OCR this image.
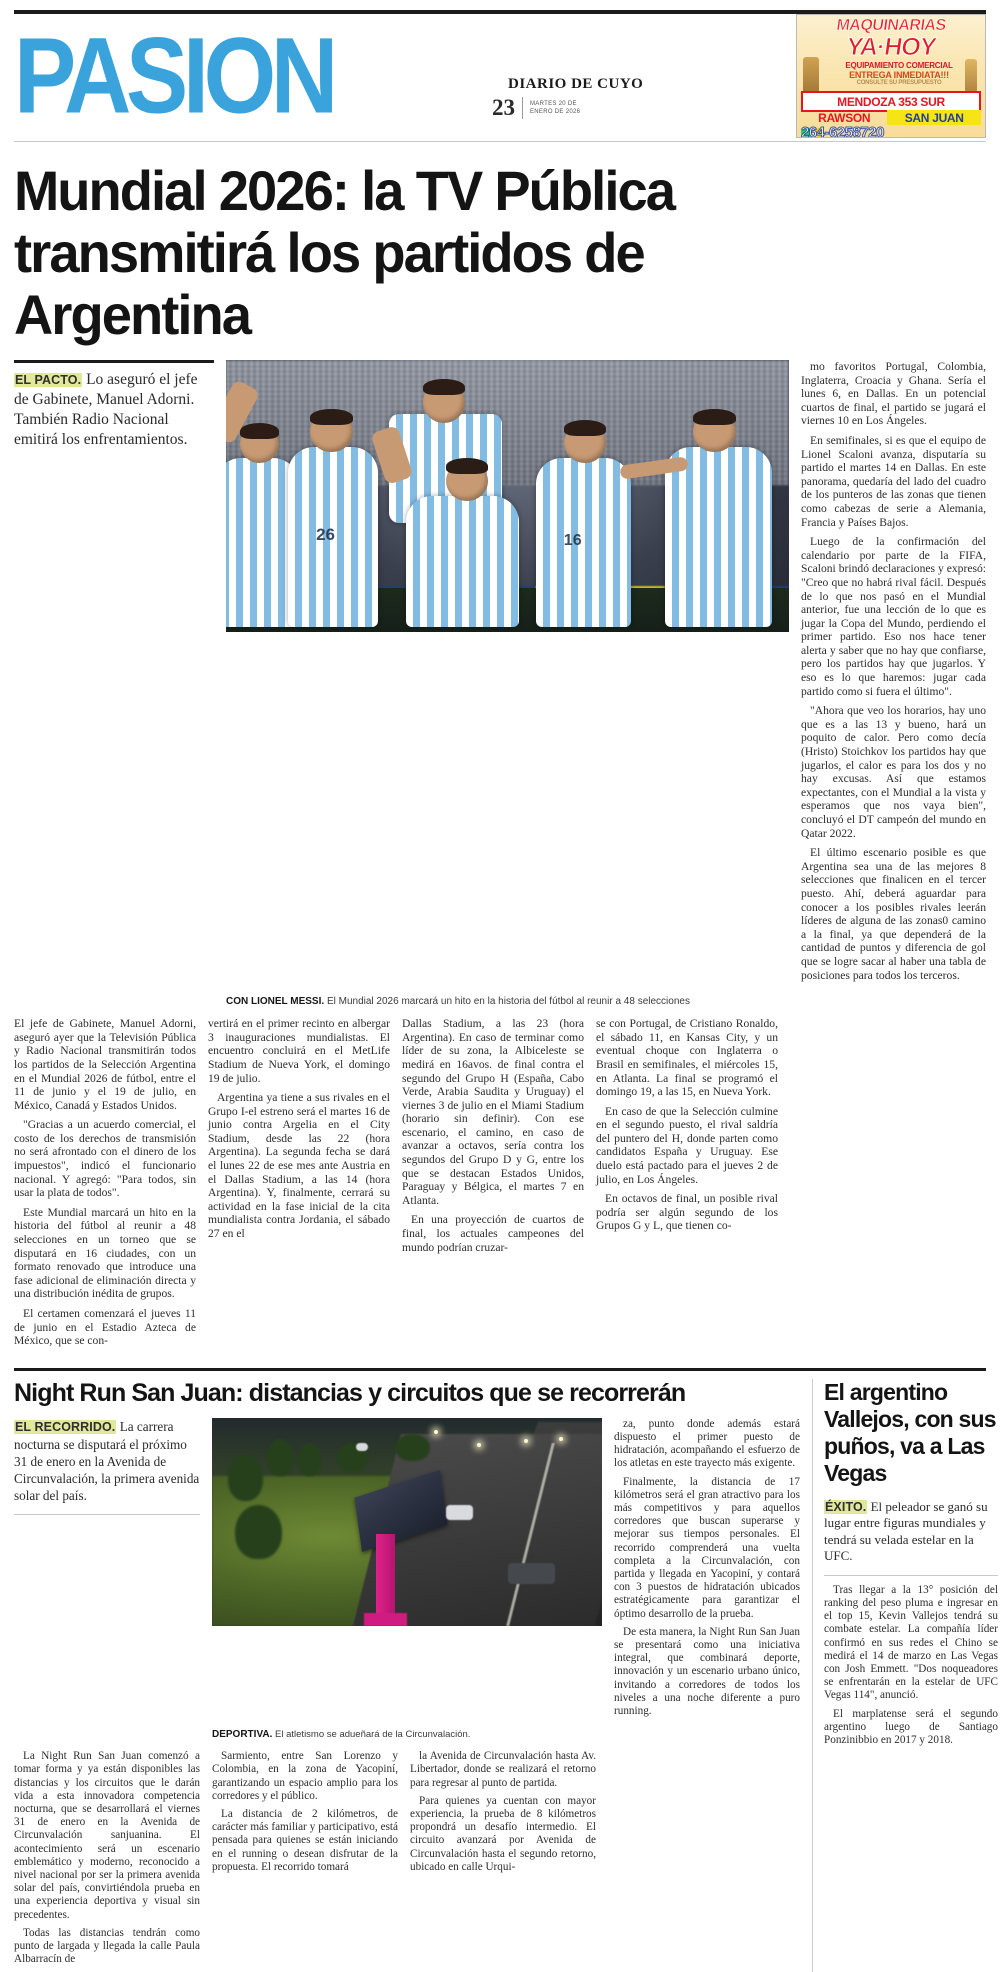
PASION	DIARIO DE CUYO
23	MARTES 20 DE ENERO DE 2026
MAQUINARIAS
YA·HOY
EQUIPAMIENTO COMERCIAL
ENTREGA INMEDIATA!!!
CONSULTE SU PRESUPUESTO
MENDOZA 353 SUR
RAWSON	SAN JUAN
264-6258720
Mundial 2026: la TV Pública transmitirá los partidos de Argentina
EL PACTO. Lo aseguró el jefe de Gabinete, Manuel Adorni. También Radio Nacional emitirá los enfrentamientos.
26	16

mo favoritos Portugal, Colombia, Inglaterra, Croacia y Ghana. Sería el lunes 6, en Dallas. En un potencial cuartos de final, el partido se jugará el viernes 10 en Los Ángeles.

En semifinales, si es que el equipo de Lionel Scaloni avanza, disputaría su partido el martes 14 en Dallas. En este panorama, quedaría del lado del cuadro de los punteros de las zonas que tienen como cabezas de serie a Alemania, Francia y Países Bajos.

Luego de la confirmación del calendario por parte de la FIFA, Scaloni brindó declaraciones y expresó: "Creo que no habrá rival fácil. Después de lo que nos pasó en el Mundial anterior, fue una lección de lo que es jugar la Copa del Mundo, perdiendo el primer partido. Eso nos hace tener alerta y saber que no hay que confiarse, pero los partidos hay que jugarlos. Y eso es lo que haremos: jugar cada partido como si fuera el último".

"Ahora que veo los horarios, hay uno que es a las 13 y bueno, hará un poquito de calor. Pero como decía (Hristo) Stoichkov los partidos hay que jugarlos, el calor es para los dos y no hay excusas. Así que estamos expectantes, con el Mundial a la vista y esperamos que nos vaya bien", concluyó el DT campeón del mundo en Qatar 2022.

El último escenario posible es que Argentina sea una de las mejores 8 selecciones que finalicen en el tercer puesto. Ahí, deberá aguardar para conocer a los posibles rivales leerán líderes de alguna de las zonas0 camino a la final, ya que dependerá de la cantidad de puntos y diferencia de gol que se logre sacar al haber una tabla de posiciones para todos los terceros.

CON LIONEL MESSI. El Mundial 2026 marcará un hito en la historia del fútbol al reunir a 48 selecciones

El jefe de Gabinete, Manuel Adorni, aseguró ayer que la Televisión Pública y Radio Nacional transmitirán todos los partidos de la Selección Argentina en el Mundial 2026 de fútbol, entre el 11 de junio y el 19 de julio, en México, Canadá y Estados Unidos.

"Gracias a un acuerdo comercial, el costo de los derechos de transmisión no será afrontado con el dinero de los impuestos", indicó el funcionario nacional. Y agregó: "Para todos, sin usar la plata de todos".

Este Mundial marcará un hito en la historia del fútbol al reunir a 48 selecciones en un torneo que se disputará en 16 ciudades, con un formato renovado que introduce una fase adicional de eliminación directa y una distribución inédita de grupos.

El certamen comenzará el jueves 11 de junio en el Estadio Azteca de México, que se con-

vertirá en el primer recinto en albergar 3 inauguraciones mundialistas. El encuentro concluirá en el MetLife Stadium de Nueva York, el domingo 19 de julio.

Argentina ya tiene a sus rivales en el Grupo I-el estreno será el martes 16 de junio contra Argelia en el City Stadium, desde las 22 (hora Argentina). La segunda fecha se dará el lunes 22 de ese mes ante Austria en el Dallas Stadium, a las 14 (hora Argentina). Y, finalmente, cerrará su actividad en la fase inicial de la cita mundialista contra Jordania, el sábado 27 en el

Dallas Stadium, a las 23 (hora Argentina). En caso de terminar como líder de su zona, la Albiceleste se medirá en 16avos. de final contra el segundo del Grupo H (España, Cabo Verde, Arabia Saudita y Uruguay) el viernes 3 de julio en el Miami Stadium (horario sin definir). Con ese escenario, el camino, en caso de avanzar a octavos, sería contra los segundos del Grupo D y G, entre los que se destacan Estados Unidos, Paraguay y Bélgica, el martes 7 en Atlanta.

En una proyección de cuartos de final, los actuales campeones del mundo podrían cruzar-

se con Portugal, de Cristiano Ronaldo, el sábado 11, en Kansas City, y un eventual choque con Inglaterra o Brasil en semifinales, el miércoles 15, en Atlanta. La final se programó el domingo 19, a las 15, en Nueva York.

En caso de que la Selección culmine en el segundo puesto, el rival saldría del puntero del H, donde parten como candidatos España y Uruguay. Ese duelo está pactado para el jueves 2 de julio, en Los Ángeles.

En octavos de final, un posible rival podría ser algún segundo de los Grupos G y L, que tienen co-

Night Run San Juan: distancias y circuitos que se recorrerán
EL RECORRIDO. La carrera nocturna se disputará el próximo 31 de enero en la Avenida de Circunvalación, la primera avenida solar del país.

za, punto donde además estará dispuesto el primer puesto de hidratación, acompañando el esfuerzo de los atletas en este trayecto más exigente.

Finalmente, la distancia de 17 kilómetros será el gran atractivo para los más competitivos y para aquellos corredores que buscan superarse y mejorar sus tiempos personales. El recorrido comprenderá una vuelta completa a la Circunvalación, con partida y llegada en Yacopiní, y contará con 3 puestos de hidratación ubicados estratégicamente para garantizar el óptimo desarrollo de la prueba.

De esta manera, la Night Run San Juan se presentará como una iniciativa integral, que combinará deporte, innovación y un escenario urbano único, invitando a corredores de todos los niveles a una noche diferente a puro running.

DEPORTIVA. El atletismo se adueñará de la Circunvalación.

La Night Run San Juan comenzó a tomar forma y ya están disponibles las distancias y los circuitos que le darán vida a esta innovadora competencia nocturna, que se desarrollará el viernes 31 de enero en la Avenida de Circunvalación sanjuanina. El acontecimiento será un escenario emblemático y moderno, reconocido a nivel nacional por ser la primera avenida solar del país, convirtiéndola prueba en una experiencia deportiva y visual sin precedentes.

Todas las distancias tendrán como punto de largada y llegada la calle Paula Albarracín de

Sarmiento, entre San Lorenzo y Colombia, en la zona de Yacopiní, garantizando un espacio amplio para los corredores y el público.

La distancia de 2 kilómetros, de carácter más familiar y participativo, está pensada para quienes se están iniciando en el running o desean disfrutar de la propuesta. El recorrido tomará

la Avenida de Circunvalación hasta Av. Libertador, donde se realizará el retorno para regresar al punto de partida.

Para quienes ya cuentan con mayor experiencia, la prueba de 8 kilómetros propondrá un desafío intermedio. El circuito avanzará por Avenida de Circunvalación hasta el segundo retorno, ubicado en calle Urqui-

El argentino Vallejos, con sus puños, va a Las Vegas
ÉXITO. El peleador se ganó su lugar entre figuras mundiales y tendrá su velada estelar en la UFC.

Tras llegar a la 13° posición del ranking del peso pluma e ingresar en el top 15, Kevin Vallejos tendrá su combate estelar. La compañía líder confirmó en sus redes el Chino se medirá el 14 de marzo en Las Vegas con Josh Emmett. "Dos noqueadores se enfrentarán en la estelar de UFC Vegas 114", anunció.

El marplatense será el segundo argentino luego de Santiago Ponzinibbio en 2017 y 2018.
